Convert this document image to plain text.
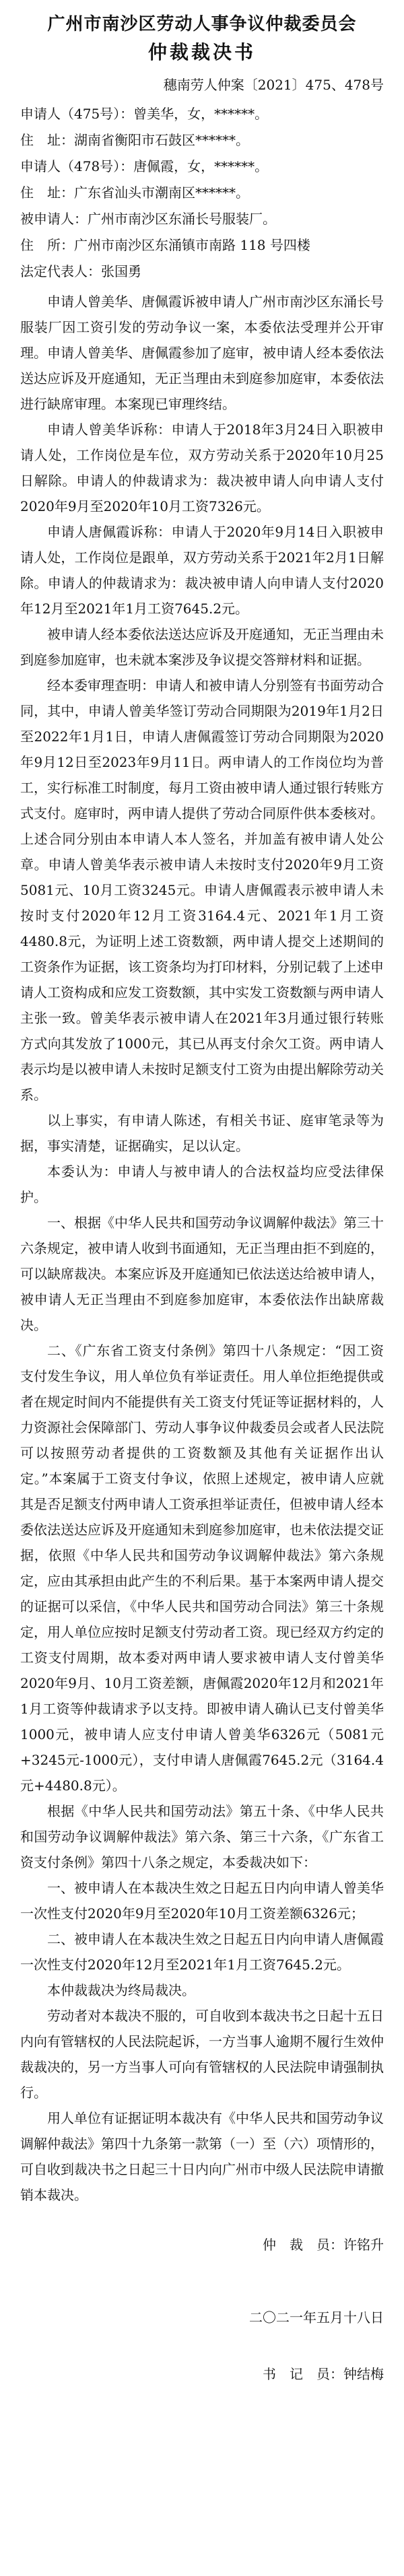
广州市南沙区劳动人事争议仲裁委员会
仲裁裁决书
穗南劳人仲案〔2021〕475、478号
申请人（475号）：曾美华，女，******。
住　址：湖南省衡阳市石鼓区******。
申请人（478号）：唐佩霞，女，******。
住　址：广东省汕头市潮南区******。
被申请人：广州市南沙区东涌长号服装厂。
住　所：广州市南沙区东涌镇市南路 118 号四楼
法定代表人：张国勇

申请人曾美华、唐佩霞诉被申请人广州市南沙区东涌长号服装厂因工资引发的劳动争议一案，本委依法受理并公开审理。申请人曾美华、唐佩霞参加了庭审，被申请人经本委依法送达应诉及开庭通知，无正当理由未到庭参加庭审，本委依法进行缺席审理。本案现已审理终结。

申请人曾美华诉称：申请人于2018年3月24日入职被申请人处，工作岗位是车位，双方劳动关系于2020年10月25日解除。申请人的仲裁请求为：裁决被申请人向申请人支付2020年9月至2020年10月工资7326元。

申请人唐佩霞诉称：申请人于2020年9月14日入职被申请人处，工作岗位是跟单，双方劳动关系于2021年2月1日解除。申请人的仲裁请求为：裁决被申请人向申请人支付2020年12月至2021年1月工资7645.2元。

被申请人经本委依法送达应诉及开庭通知，无正当理由未到庭参加庭审，也未就本案涉及争议提交答辩材料和证据。

经本委审理查明：申请人和被申请人分别签有书面劳动合同，其中，申请人曾美华签订劳动合同期限为2019年1月2日至2022年1月1日，申请人唐佩霞签订劳动合同期限为2020年9月12日至2023年9月11日。两申请人的工作岗位均为普工，实行标准工时制度，每月工资由被申请人通过银行转账方式支付。庭审时，两申请人提供了劳动合同原件供本委核对。上述合同分别由本申请人本人签名，并加盖有被申请人处公章。申请人曾美华表示被申请人未按时支付2020年9月工资5081元、10月工资3245元。申请人唐佩霞表示被申请人未按时支付2020年12月工资3164.4元、2021年1月工资4480.8元，为证明上述工资数额，两申请人提交上述期间的工资条作为证据，该工资条均为打印材料，分别记载了上述申请人工资构成和应发工资数额，其中实发工资数额与两申请人主张一致。曾美华表示被申请人在2021年3月通过银行转账方式向其发放了1000元，其已从再支付余欠工资。两申请人表示均是以被申请人未按时足额支付工资为由提出解除劳动关系。

以上事实，有申请人陈述，有相关书证、庭审笔录等为据，事实清楚，证据确实，足以认定。

本委认为：申请人与被申请人的合法权益均应受法律保护。

一、根据《中华人民共和国劳动争议调解仲裁法》第三十六条规定，被申请人收到书面通知，无正当理由拒不到庭的，可以缺席裁决。本案应诉及开庭通知已依法送达给被申请人，被申请人无正当理由不到庭参加庭审，本委依法作出缺席裁决。

二、《广东省工资支付条例》第四十八条规定：“因工资支付发生争议，用人单位负有举证责任。用人单位拒绝提供或者在规定时间内不能提供有关工资支付凭证等证据材料的，人力资源社会保障部门、劳动人事争议仲裁委员会或者人民法院可以按照劳动者提供的工资数额及其他有关证据作出认定。”本案属于工资支付争议，依照上述规定，被申请人应就其是否足额支付两申请人工资承担举证责任，但被申请人经本委依法送达应诉及开庭通知未到庭参加庭审，也未依法提交证据，依照《中华人民共和国劳动争议调解仲裁法》第六条规定，应由其承担由此产生的不利后果。基于本案两申请人提交的证据可以采信，《中华人民共和国劳动合同法》第三十条规定，用人单位应按时足额支付劳动者工资。现已经双方约定的工资支付周期，故本委对两申请人要求被申请人支付曾美华2020年9月、10月工资差额，唐佩霞2020年12月和2021年1月工资等仲裁请求予以支持。即被申请人确认已支付曾美华1000元，被申请人应支付申请人曾美华6326元（5081元+3245元-1000元），支付申请人唐佩霞7645.2元（3164.4元+4480.8元）。

根据《中华人民共和国劳动法》第五十条、《中华人民共和国劳动争议调解仲裁法》第六条、第三十六条，《广东省工资支付条例》第四十八条之规定，本委裁决如下：

一、被申请人在本裁决生效之日起五日内向申请人曾美华一次性支付2020年9月至2020年10月工资差额6326元；

二、被申请人在本裁决生效之日起五日内向申请人唐佩霞一次性支付2020年12月至2021年1月工资7645.2元。

本仲裁裁决为终局裁决。

劳动者对本裁决不服的，可自收到本裁决书之日起十五日内向有管辖权的人民法院起诉，一方当事人逾期不履行生效仲裁裁决的，另一方当事人可向有管辖权的人民法院申请强制执行。

用人单位有证据证明本裁决有《中华人民共和国劳动争议调解仲裁法》第四十九条第一款第（一）至（六）项情形的，可自收到裁决书之日起三十日内向广州市中级人民法院申请撤销本裁决。

仲　裁　员：许铭升
二〇二一年五月十八日
书　记　员：钟结梅
